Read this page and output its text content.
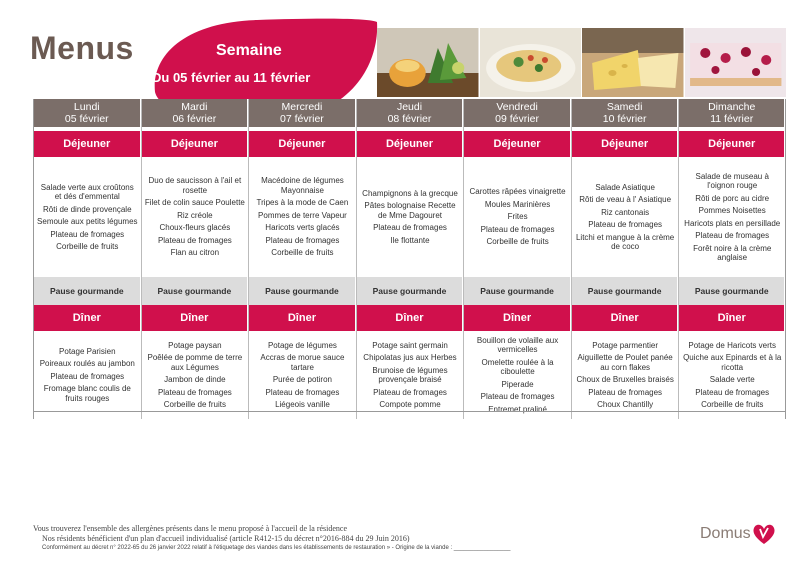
Menus	Semaine
Du 05 février au 11 février
Lundi
05 février
Déjeuner
Salade verte aux croûtons et dés d'emmental
Rôti de dinde provençale
Semoule aux petits légumes
Plateau de fromages
Corbeille de fruits
Pause gourmande
Dîner
Potage Parisien
Poireaux roulés au jambon
Plateau de fromages
Fromage blanc coulis de fruits rouges
Mardi
06 février
Déjeuner
Duo de saucisson à l'ail et rosette
Filet de colin sauce Poulette
Riz créole
Choux-fleurs glacés
Plateau de fromages
Flan au citron
Pause gourmande
Dîner
Potage paysan
Poêlée de pomme de terre aux Légumes
Jambon de dinde
Plateau de fromages
Corbeille de fruits
Mercredi
07 février
Déjeuner
Macédoine de légumes Mayonnaise
Tripes à la mode de Caen
Pommes de terre Vapeur
Haricots verts glacés
Plateau de fromages
Corbeille de fruits
Pause gourmande
Dîner
Potage de légumes
Accras de morue sauce tartare
Purée de potiron
Plateau de fromages
Liégeois vanille
Jeudi
08 février
Déjeuner
Champignons à la grecque
Pâtes bolognaise Recette de Mme Dagouret
Plateau de fromages
Ile flottante
Pause gourmande
Dîner
Potage saint germain
Chipolatas jus aux Herbes
Brunoise de légumes provençale braisé
Plateau de fromages
Compote pomme
Vendredi
09 février
Déjeuner
Carottes râpées vinaigrette
Moules Marinières
Frites
Plateau de fromages
Corbeille de fruits
Pause gourmande
Dîner
Bouillon de volaille aux vermicelles
Omelette roulée à la ciboulette
Piperade
Plateau de fromages
Entremet praliné
Samedi
10 février
Déjeuner
Salade Asiatique
Rôti de veau à l' Asiatique
Riz cantonais
Plateau de fromages
Litchi et mangue à la crème de coco
Pause gourmande
Dîner
Potage parmentier
Aiguillette de Poulet panée au corn flakes
Choux de Bruxelles braisés
Plateau de fromages
Choux Chantilly
Dimanche
11 février
Déjeuner
Salade de museau à l'oignon rouge
Rôti de porc au cidre
Pommes Noisettes
Haricots plats en persillade
Plateau de fromages
Forêt noire à la crème anglaise
Pause gourmande
Dîner
Potage de Haricots verts
Quiche aux Epinards et à la ricotta
Salade verte
Plateau de fromages
Corbeille de fruits
Vous trouverez l'ensemble des allergènes présents dans le menu proposé à l'accueil de la résidence
Nos résidents bénéficient d'un plan d'accueil individualisé (article R412-15 du décret n°2016-884 du 29 Juin 2016)
Conformément au décret n° 2022-65 du 26 janvier 2022 relatif à l'étiquetage des viandes dans les établissements de restauration » - Origine de la viande : _________________
Domus
